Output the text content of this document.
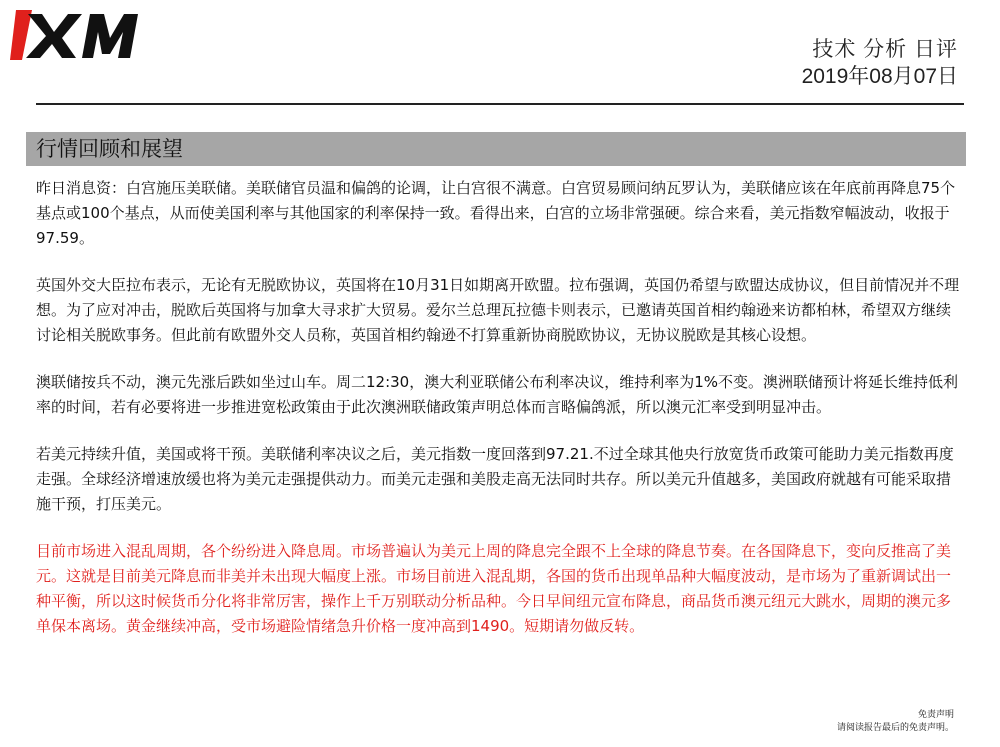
技术 分析 日评
2019年08月07日
行情回顾和展望

昨日消息资：白宫施压美联储。美联储官员温和偏鸽的论调，让白宫很不满意。白宫贸易顾问纳瓦罗认为，美联储应该在年底前再降息75个基点或100个基点，从而使美国利率与其他国家的利率保持一致。看得出来，白宫的立场非常强硬。综合来看，美元指数窄幅波动，收报于97.59。

英国外交大臣拉布表示，无论有无脱欧协议，英国将在10月31日如期离开欧盟。拉布强调，英国仍希望与欧盟达成协议，但目前情况并不理想。为了应对冲击，脱欧后英国将与加拿大寻求扩大贸易。爱尔兰总理瓦拉德卡则表示，已邀请英国首相约翰逊来访都柏林，希望双方继续讨论相关脱欧事务。但此前有欧盟外交人员称，英国首相约翰逊不打算重新协商脱欧协议，无协议脱欧是其核心设想。

澳联储按兵不动，澳元先涨后跌如坐过山车。周二12:30，澳大利亚联储公布利率决议，维持利率为1%不变。澳洲联储预计将延长维持低利率的时间，若有必要将进一步推进宽松政策由于此次澳洲联储政策声明总体而言略偏鸽派，所以澳元汇率受到明显冲击。

若美元持续升值，美国或将干预。美联储利率决议之后，美元指数一度回落到97.21.不过全球其他央行放宽货币政策可能助力美元指数再度走强。全球经济增速放缓也将为美元走强提供动力。而美元走强和美股走高无法同时共存。所以美元升值越多，美国政府就越有可能采取措施干预，打压美元。

目前市场进入混乱周期，各个纷纷进入降息周。市场普遍认为美元上周的降息完全跟不上全球的降息节奏。在各国降息下，变向反推高了美元。这就是目前美元降息而非美并未出现大幅度上涨。市场目前进入混乱期，各国的货币出现单品种大幅度波动，是市场为了重新调试出一种平衡，所以这时候货币分化将非常厉害，操作上千万别联动分析品种。今日早间纽元宣布降息，商品货币澳元纽元大跳水，周期的澳元多单保本离场。黄金继续冲高，受市场避险情绪急升价格一度冲高到1490。短期请勿做反转。

免责声明
请阅读报告最后的免责声明。
